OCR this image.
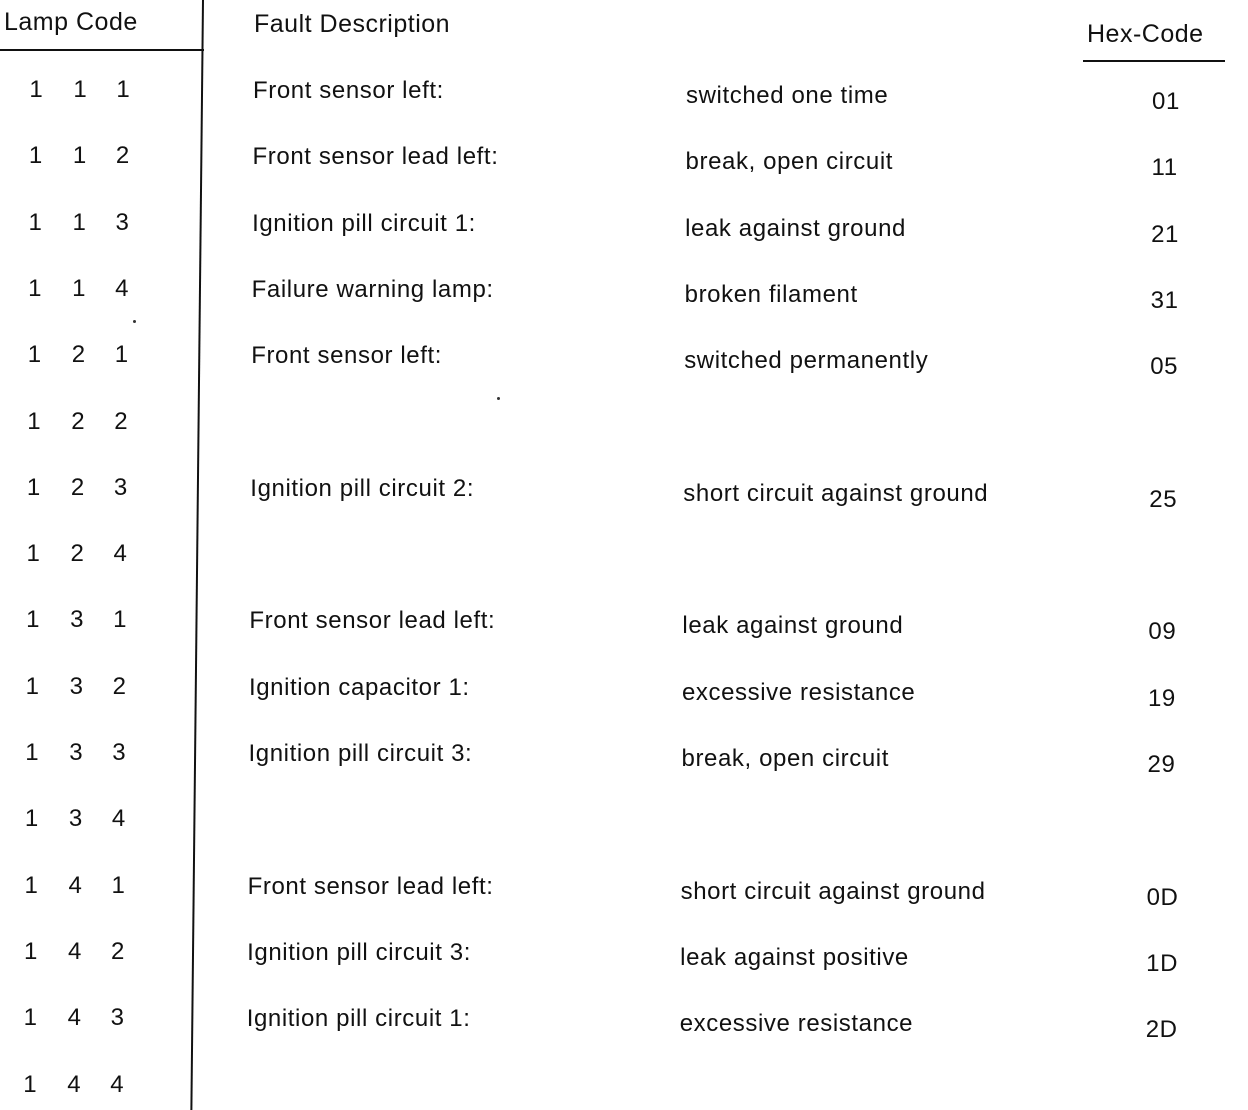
Lamp Code	Fault Description	Hex-Code
1 1 1	Front sensor left:	switched one time	01
1 1 2	Front sensor lead left:	break, open circuit	11
1 1 3	Ignition pill circuit 1:	leak against ground	21
1 1 4	Failure warning lamp:	broken filament	31
1 2 1	Front sensor left:	switched permanently	05
1 2 2
1 2 3	Ignition pill circuit 2:	short circuit against ground	25
1 2 4
1 3 1	Front sensor lead left:	leak against ground	09
1 3 2	Ignition capacitor 1:	excessive resistance	19
1 3 3	Ignition pill circuit 3:	break, open circuit	29
1 3 4
1 4 1	Front sensor lead left:	short circuit against ground	0D
1 4 2	Ignition pill circuit 3:	leak against positive	1D
1 4 3	Ignition pill circuit 1:	excessive resistance	2D
1 4 4
